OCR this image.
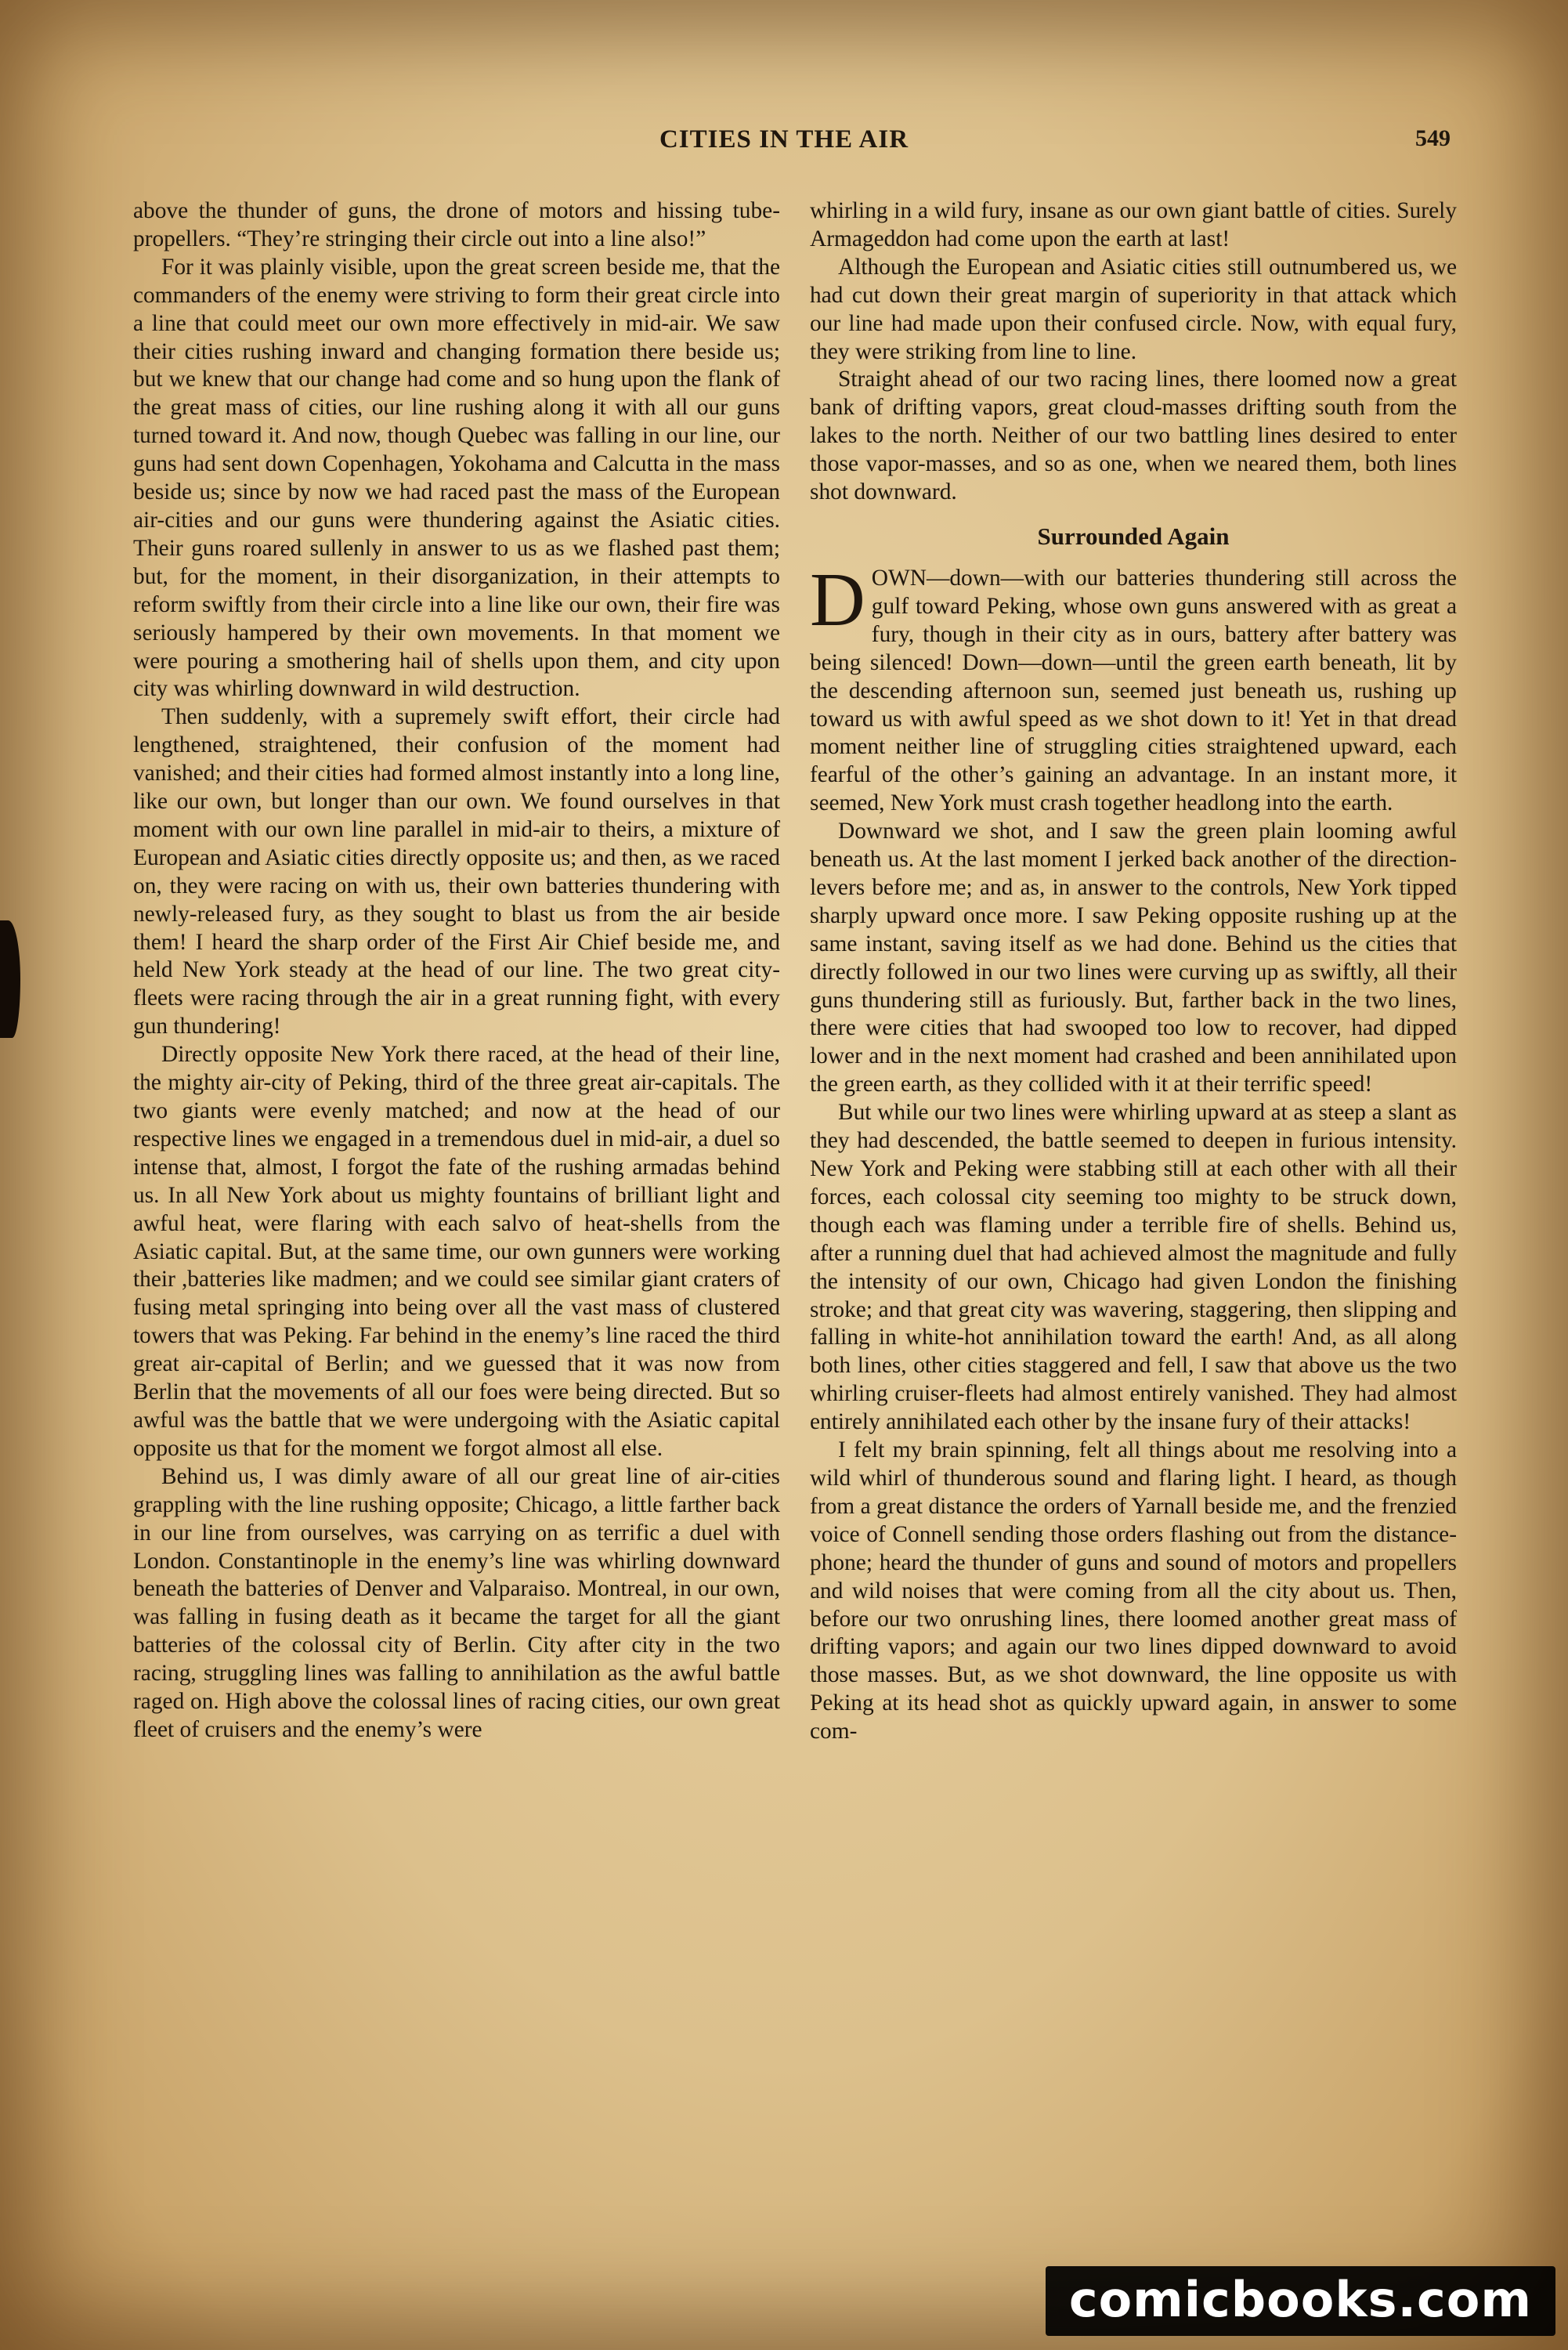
CITIES IN THE AIR	549

above the thunder of guns, the drone of motors and hissing tube-propellers. “They’re stringing their circle out into a line also!”

For it was plainly visible, upon the great screen beside me, that the commanders of the enemy were striving to form their great circle into a line that could meet our own more effectively in mid-air. We saw their cities rushing inward and changing formation there beside us; but we knew that our change had come and so hung upon the flank of the great mass of cities, our line rushing along it with all our guns turned toward it. And now, though Quebec was falling in our line, our guns had sent down Copenhagen, Yokohama and Calcutta in the mass beside us; since by now we had raced past the mass of the European air-cities and our guns were thundering against the Asiatic cities. Their guns roared sullenly in answer to us as we flashed past them; but, for the moment, in their disorganization, in their attempts to reform swiftly from their circle into a line like our own, their fire was seriously hampered by their own movements. In that moment we were pouring a smothering hail of shells upon them, and city upon city was whirling downward in wild destruction.

Then suddenly, with a supremely swift effort, their circle had lengthened, straightened, their confusion of the moment had vanished; and their cities had formed almost instantly into a long line, like our own, but longer than our own. We found ourselves in that moment with our own line parallel in mid-air to theirs, a mixture of European and Asiatic cities directly opposite us; and then, as we raced on, they were racing on with us, their own batteries thundering with newly-released fury, as they sought to blast us from the air beside them! I heard the sharp order of the First Air Chief beside me, and held New York steady at the head of our line. The two great city-fleets were racing through the air in a great running fight, with every gun thundering!

Directly opposite New York there raced, at the head of their line, the mighty air-city of Peking, third of the three great air-capitals. The two giants were evenly matched; and now at the head of our respective lines we engaged in a tremendous duel in mid-air, a duel so intense that, almost, I forgot the fate of the rushing armadas behind us. In all New York about us mighty fountains of brilliant light and awful heat, were flaring with each salvo of heat-shells from the Asiatic capital. But, at the same time, our own gunners were working their ,batteries like madmen; and we could see similar giant craters of fusing metal springing into being over all the vast mass of clustered towers that was Peking. Far behind in the enemy’s line raced the third great air-capital of Berlin; and we guessed that it was now from Berlin that the movements of all our foes were being directed. But so awful was the battle that we were undergoing with the Asiatic capital opposite us that for the moment we forgot almost all else.

Behind us, I was dimly aware of all our great line of air-cities grappling with the line rushing opposite; Chicago, a little farther back in our line from ourselves, was carrying on as terrific a duel with London. Constantinople in the enemy’s line was whirling downward beneath the batteries of Denver and Valparaiso. Montreal, in our own, was falling in fusing death as it became the target for all the giant batteries of the colossal city of Berlin. City after city in the two racing, struggling lines was falling to annihilation as the awful battle raged on. High above the colossal lines of racing cities, our own great fleet of cruisers and the enemy’s were

whirling in a wild fury, insane as our own giant battle of cities. Surely Armageddon had come upon the earth at last!

Although the European and Asiatic cities still outnumbered us, we had cut down their great margin of superiority in that attack which our line had made upon their confused circle. Now, with equal fury, they were striking from line to line.

Straight ahead of our two racing lines, there loomed now a great bank of drifting vapors, great cloud-masses drifting south from the lakes to the north. Neither of our two battling lines desired to enter those vapor-masses, and so as one, when we neared them, both lines shot downward.

Surrounded Again

DOWN—down—with our batteries thundering still across the gulf toward Peking, whose own guns answered with as great a fury, though in their city as in ours, battery after battery was being silenced! Down—down—until the green earth beneath, lit by the descending afternoon sun, seemed just beneath us, rushing up toward us with awful speed as we shot down to it! Yet in that dread moment neither line of struggling cities straightened upward, each fearful of the other’s gaining an advantage. In an instant more, it seemed, New York must crash together headlong into the earth.

Downward we shot, and I saw the green plain looming awful beneath us. At the last moment I jerked back another of the direction-levers before me; and as, in answer to the controls, New York tipped sharply upward once more. I saw Peking opposite rushing up at the same instant, saving itself as we had done. Behind us the cities that directly followed in our two lines were curving up as swiftly, all their guns thundering still as furiously. But, farther back in the two lines, there were cities that had swooped too low to recover, had dipped lower and in the next moment had crashed and been annihilated upon the green earth, as they collided with it at their terrific speed!

But while our two lines were whirling upward at as steep a slant as they had descended, the battle seemed to deepen in furious intensity. New York and Peking were stabbing still at each other with all their forces, each colossal city seeming too mighty to be struck down, though each was flaming under a terrible fire of shells. Behind us, after a running duel that had achieved almost the magnitude and fully the intensity of our own, Chicago had given London the finishing stroke; and that great city was wavering, staggering, then slipping and falling in white-hot annihilation toward the earth! And, as all along both lines, other cities staggered and fell, I saw that above us the two whirling cruiser-fleets had almost entirely vanished. They had almost entirely annihilated each other by the insane fury of their attacks!

I felt my brain spinning, felt all things about me resolving into a wild whirl of thunderous sound and flaring light. I heard, as though from a great distance the orders of Yarnall beside me, and the frenzied voice of Connell sending those orders flashing out from the distance-phone; heard the thunder of guns and sound of motors and propellers and wild noises that were coming from all the city about us. Then, before our two onrushing lines, there loomed another great mass of drifting vapors; and again our two lines dipped downward to avoid those masses. But, as we shot downward, the line opposite us with Peking at its head shot as quickly upward again, in answer to some com-

comicbooks.com
